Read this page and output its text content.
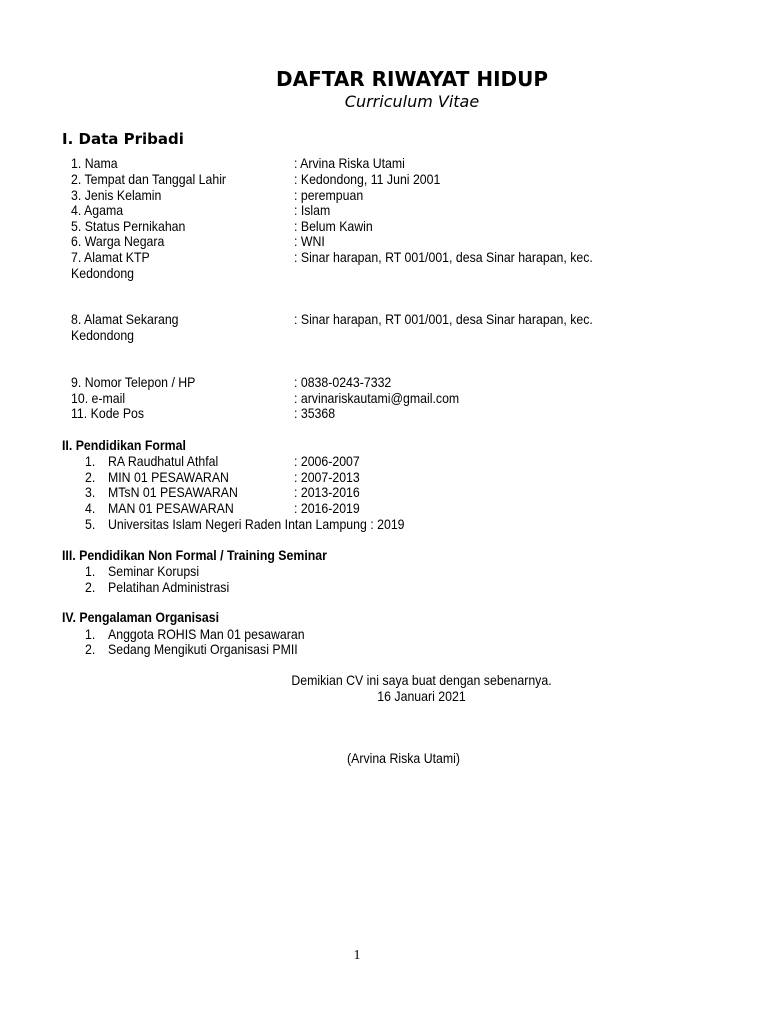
DAFTAR RIWAYAT HIDUP
Curriculum Vitae
I. Data Pribadi
1. Nama	: Arvina Riska Utami
2. Tempat dan Tanggal Lahir	: Kedondong, 11 Juni 2001
3. Jenis Kelamin	: perempuan
4. Agama	: Islam
5. Status Pernikahan	: Belum Kawin
6. Warga Negara	: WNI
7. Alamat KTP	: Sinar harapan, RT 001/001, desa Sinar harapan, kec.
Kedondong
8. Alamat Sekarang	: Sinar harapan, RT 001/001, desa Sinar harapan, kec.
Kedondong
9. Nomor Telepon / HP	: 0838-0243-7332
10. e-mail	: arvinariskautami@gmail.com
11. Kode Pos	: 35368
II. Pendidikan Formal
1. RA Raudhatul Athfal	: 2006-2007
2. MIN 01 PESAWARAN	: 2007-2013
3. MTsN 01 PESAWARAN	: 2013-2016
4. MAN 01 PESAWARAN	: 2016-2019
5. Universitas Islam Negeri Raden Intan Lampung : 2019
III. Pendidikan Non Formal / Training Seminar
1. Seminar Korupsi
2. Pelatihan Administrasi
IV. Pengalaman Organisasi
1. Anggota ROHIS Man 01 pesawaran
2. Sedang Mengikuti Organisasi PMII
Demikian CV ini saya buat dengan sebenarnya.
16 Januari 2021
(Arvina Riska Utami)
1
